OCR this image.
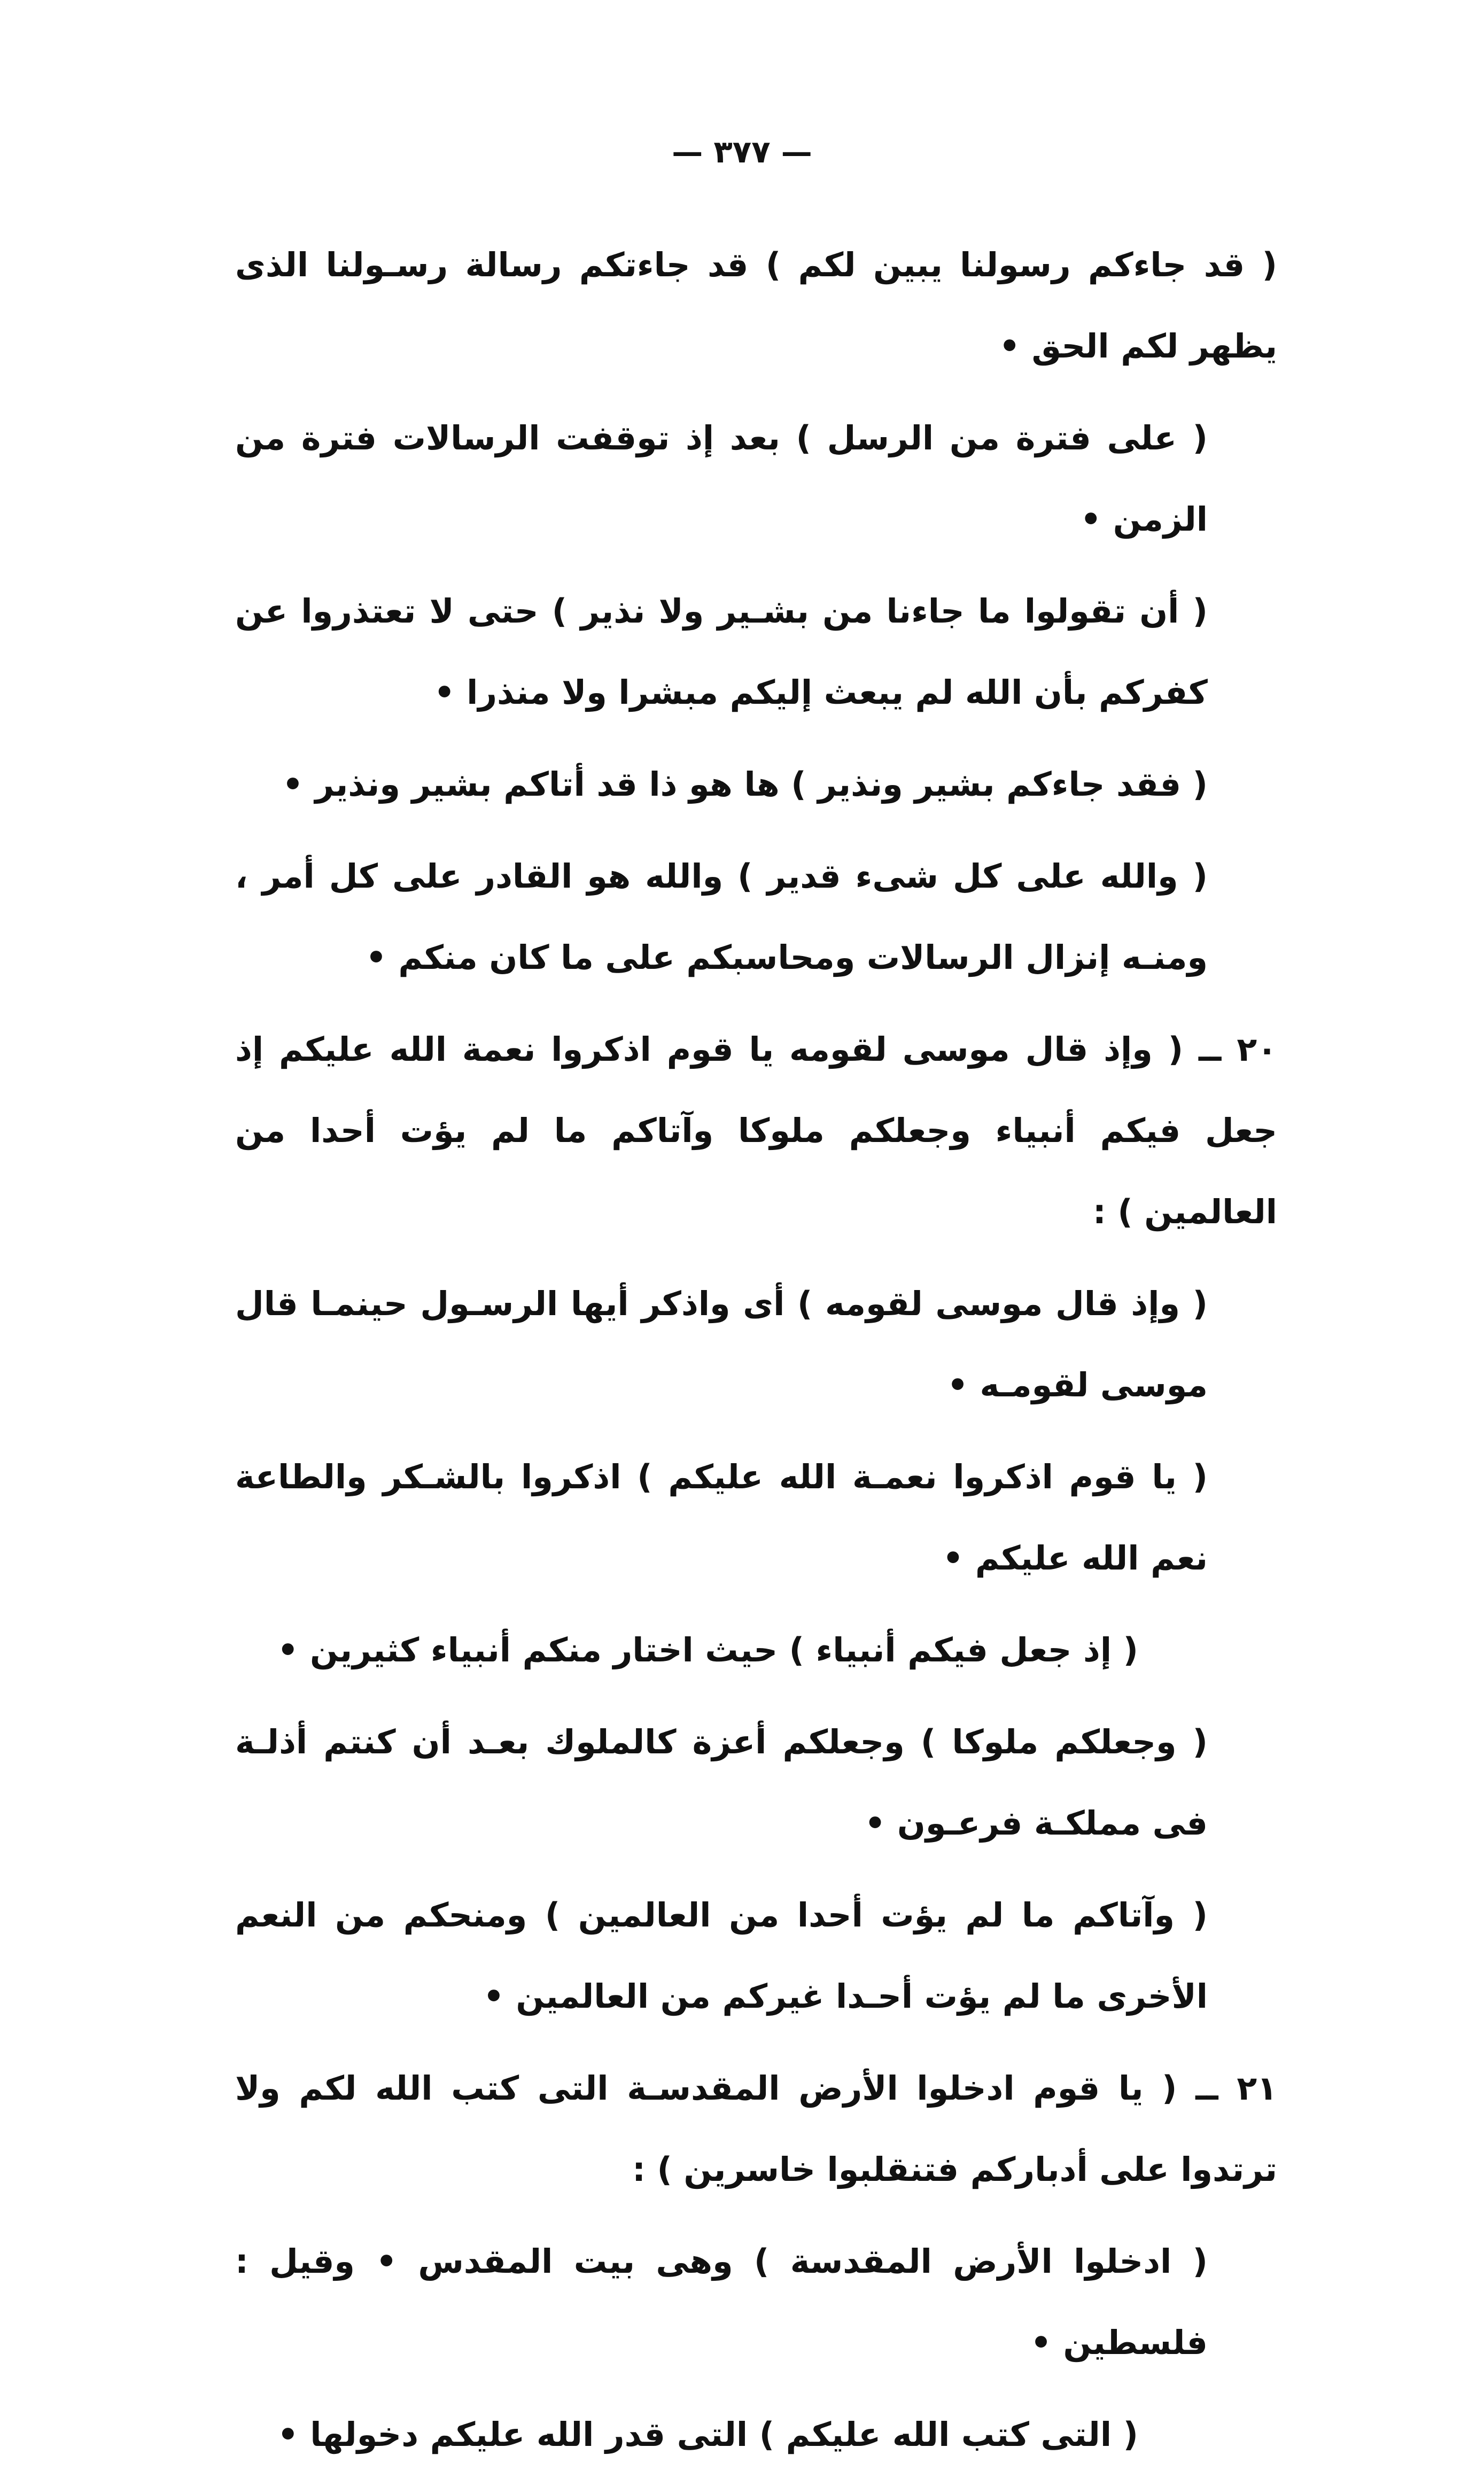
— ٣٧٧ —

( قد جاءكم رسولنا يبين لكم ) قد جاءتكم رسالة رسـولنا الذى يظهر لكم الحق •

( على فترة من الرسل ) بعد إذ توقفت الرسالات فترة من الزمن •

( أن تقولوا ما جاءنا من بشـير ولا نذير ) حتى لا تعتذروا عن كفركم بأن الله لم يبعث إليكم مبشرا ولا منذرا •

( فقد جاءكم بشير ونذير ) ها هو ذا قد أتاكم بشير ونذير •

( والله على كل شىء قدير ) والله هو القادر على كل أمر ، ومنـه إنزال الرسالات ومحاسبكم على ما كان منكم •

٢٠ ــ ( وإذ قال موسى لقومه يا قوم اذكروا نعمة الله عليكم إذ جعل فيكم أنبياء وجعلكم ملوكا وآتاكم ما لم يؤت أحدا من العالمين ) :

( وإذ قال موسى لقومه ) أى واذكر أيها الرسـول حينمـا قال موسى لقومـه •

( يا قوم اذكروا نعمـة الله عليكم ) اذكروا بالشـكر والطاعة نعم الله عليكم •

( إذ جعل فيكم أنبياء ) حيث اختار منكم أنبياء كثيرين •

( وجعلكم ملوكا ) وجعلكم أعزة كالملوك بعـد أن كنتم أذلـة فى مملكـة فرعـون •

( وآتاكم ما لم يؤت أحدا من العالمين ) ومنحكم من النعم الأخرى ما لم يؤت أحـدا غيركم من العالمين •

٢١ ــ ( يا قوم ادخلوا الأرض المقدسـة التى كتب الله لكم ولا ترتدوا على أدباركم فتنقلبوا خاسرين ) :

( ادخلوا الأرض المقدسة ) وهى بيت المقدس • وقيل : فلسطين •

( التى كتب الله عليكم ) التى قدر الله عليكم دخولها •
